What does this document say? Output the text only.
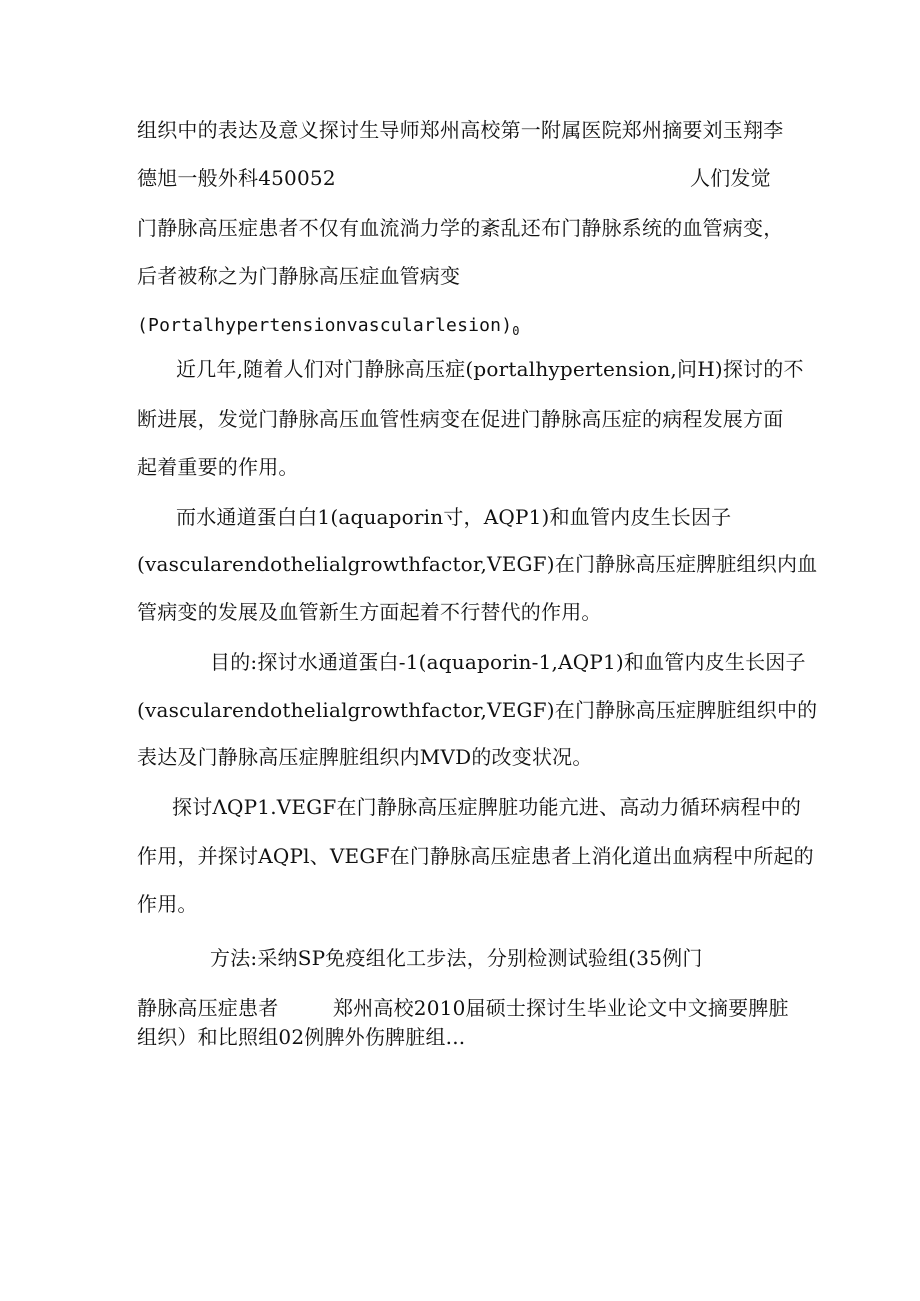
组织中的表达及意义探讨生导师郑州高校第一附属医院郑州摘要刘玉翔李
德旭一般外科450052	人们发觉
门静脉高压症患者不仅有血流淌力学的紊乱还布门静脉系统的血管病变，
后者被称之为门静脉高压症血管病变
$(Portalhypertensionvascularlesion)_0$
近几年,随着人们对门静脉高压症(portalhypertension,问H)探讨的不
断进展，发觉门静脉高压血管性病变在促进门静脉高压症的病程发展方面
起着重要的作用。
而水通道蛋白白1(aquaporin寸，AQP1)和血管内皮生长因子
(vascularendothelialgrowthfactor,VEGF)在门静脉高压症脾脏组织内血
管病变的发展及血管新生方面起着不行替代的作用。
目的:探讨水通道蛋白-1(aquaporin-1,AQP1)和血管内皮生长因子
(vascularendothelialgrowthfactor,VEGF)在门静脉高压症脾脏组织中的
表达及门静脉高压症脾脏组织内MVD的改变状况。
探讨ΛQP1.VEGF在门静脉高压症脾脏功能亢进、高动力循环病程中的
作用，并探讨AQPl、VEGF在门静脉高压症患者上消化道出血病程中所起的
作用。
方法:采纳SP免疫组化工步法，分别检测试验组(35例门
静脉高压症患者	郑州高校2010届硕士探讨生毕业论文中文摘要脾脏
组织）和比照组02例脾外伤脾脏组...
